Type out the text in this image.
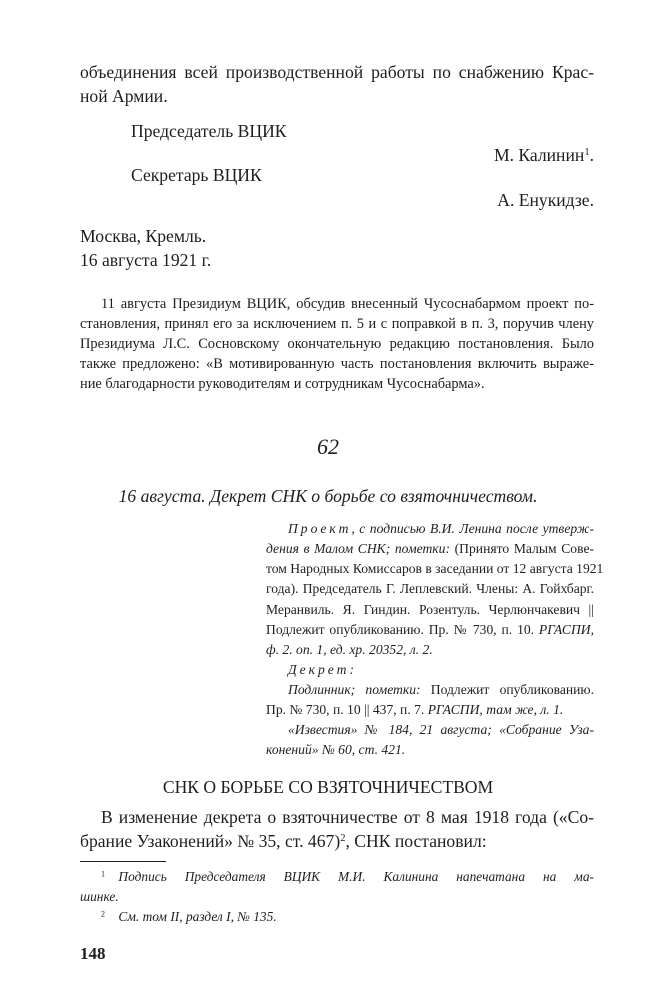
объединения всей производственной работы по снабжению Крас-
ной Армии.
Председатель ВЦИК
М. Калинин$^1$.
Секретарь ВЦИК
А. Енукидзе.
Москва, Кремль.
16 августа 1921 г.
11 августа Президиум ВЦИК, обсудив внесенный Чусоснабармом проект по-
становления, принял его за исключением п. 5 и с поправкой в п. 3, поручив члену
Президиума Л.С. Сосновскому окончательную редакцию постановления. Было
также предложено: «В мотивированную часть постановления включить выраже-
ние благодарности руководителям и сотрудникам Чусоснабарма».
62
16 августа. Декрет СНК о борьбе со взяточничеством.
Проект, с подписью В.И. Ленина после утверж-
дения в Малом СНК; пометки: (Принято Малым Сове-
том Народных Комиссаров в заседании от 12 августа 1921
года). Председатель Г. Леплевский. Члены: А. Гойхбарг.
Меранвиль. Я. Гиндин. Розентуль. Черлюнчакевич ||
Подлежит опубликованию. Пр. № 730, п. 10. РГАСПИ,
ф. 2. оп. 1, ед. хр. 20352, л. 2.
Декрет:
Подлинник; пометки: Подлежит опубликованию.
Пр. № 730, п. 10 || 437, п. 7. РГАСПИ, там же, л. 1.
«Известия» № 184, 21 августа; «Собрание Уза-
конений» № 60, ст. 421.
СНК О БОРЬБЕ СО ВЗЯТОЧНИЧЕСТВОМ
В изменение декрета о взяточничестве от 8 мая 1918 года («Со-
брание Узаконений» № 35, ст. 467)$^2$, СНК постановил:
$^1$  Подпись Председателя ВЦИК М.И. Калинина напечатана на ма-
шинке.
$^2$  См. том II, раздел I, № 135.
148
